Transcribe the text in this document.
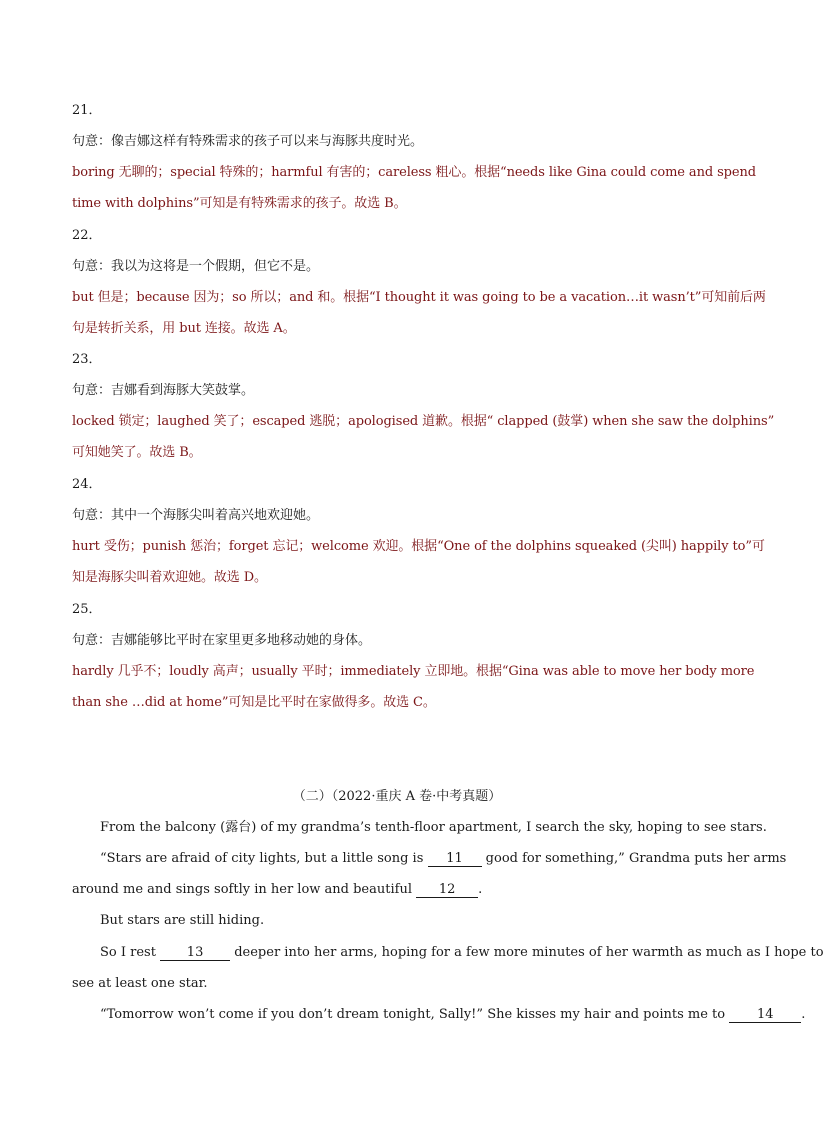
21．
句意：像吉娜这样有特殊需求的孩子可以来与海豚共度时光。
boring 无聊的；special 特殊的；harmful 有害的；careless 粗心。根据“needs like Gina could come and spend
time with dolphins”可知是有特殊需求的孩子。故选 B。
22．
句意：我以为这将是一个假期，但它不是。
but 但是；because 因为；so 所以；and 和。根据“I thought it was going to be a vacation…it wasn’t”可知前后两
句是转折关系，用 but 连接。故选 A。
23．
句意：吉娜看到海豚大笑鼓掌。
locked 锁定；laughed 笑了；escaped 逃脱；apologised 道歉。根据“ clapped (鼓掌) when she saw the dolphins”
可知她笑了。故选 B。
24．
句意：其中一个海豚尖叫着高兴地欢迎她。
hurt 受伤；punish 惩治；forget 忘记；welcome 欢迎。根据“One of the dolphins squeaked (尖叫) happily to”可
知是海豚尖叫着欢迎她。故选 D。
25．
句意：吉娜能够比平时在家里更多地移动她的身体。
hardly 几乎不；loudly 高声；usually 平时；immediately 立即地。根据“Gina was able to move her body more
than she …did at home”可知是比平时在家做得多。故选 C。
（二）（2022·重庆 A 卷·中考真题）
From the balcony (露台) of my grandma’s tenth-floor apartment, I search the sky, hoping to see stars.
“Stars are afraid of city lights, but a little song is 11 good for something,” Grandma puts her arms
around me and sings softly in her low and beautiful 12 .
But stars are still hiding.
So I rest 13 deeper into her arms, hoping for a few more minutes of her warmth as much as I hope to
see at least one star.
“Tomorrow won’t come if you don’t dream tonight, Sally!” She kisses my hair and points me to 14 .
